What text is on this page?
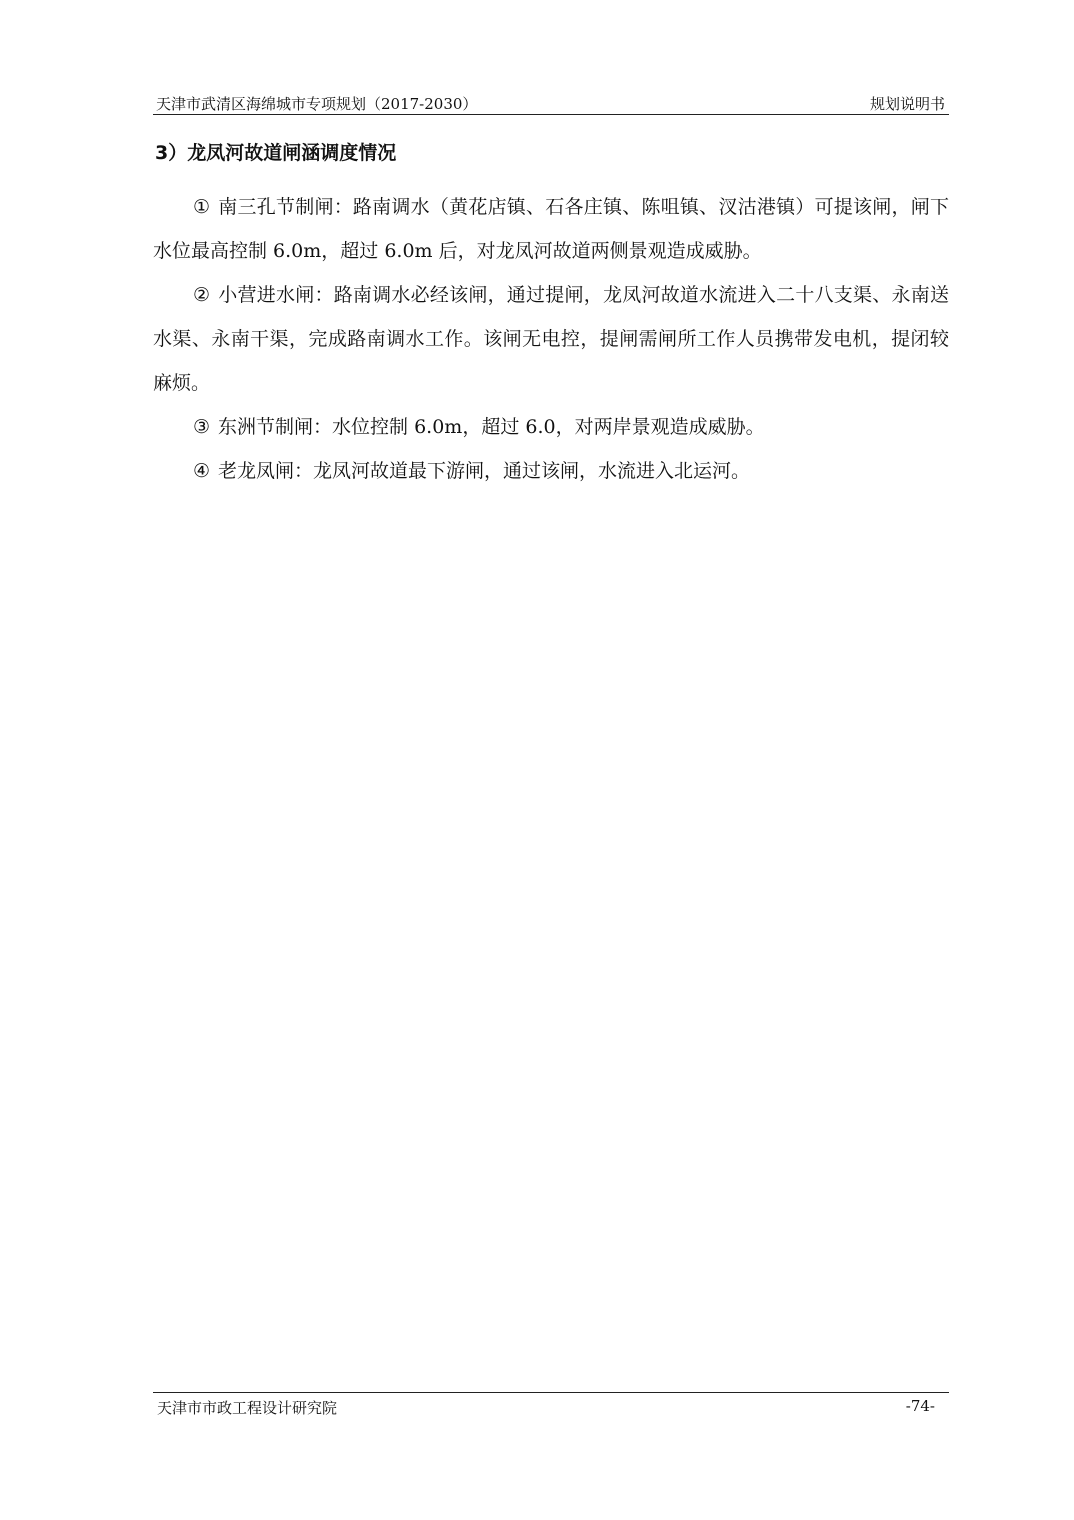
天津市武清区海绵城市专项规划（2017-2030）	规划说明书
3）龙凤河故道闸涵调度情况

① 南三孔节制闸：路南调水（黄花店镇、石各庄镇、陈咀镇、汊沽港镇）可提该闸，闸下水位最高控制 6.0m，超过 6.0m 后，对龙凤河故道两侧景观造成威胁。

② 小营进水闸：路南调水必经该闸，通过提闸，龙凤河故道水流进入二十八支渠、永南送水渠、永南干渠，完成路南调水工作。该闸无电控，提闸需闸所工作人员携带发电机，提闭较麻烦。

③ 东洲节制闸：水位控制 6.0m，超过 6.0，对两岸景观造成威胁。

④ 老龙凤闸：龙凤河故道最下游闸，通过该闸，水流进入北运河。

天津市市政工程设计研究院	-74-
